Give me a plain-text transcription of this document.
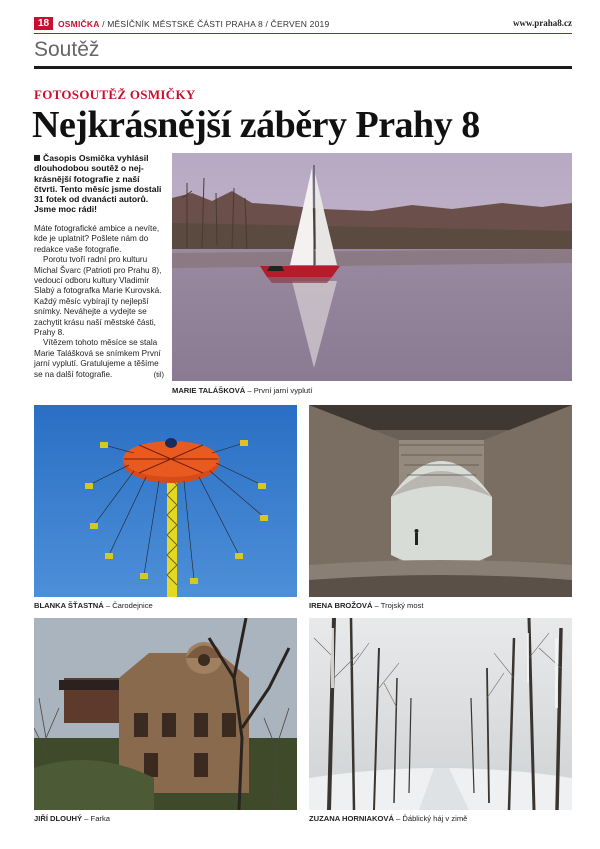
18	OSMIČKA / MĚSÍČNÍK MĚSTSKÉ ČÁSTI PRAHA 8 / ČERVEN 2019	www.praha8.cz
Soutěž
FOTOSOUTĚŽ OSMIČKY
Nejkrásnější záběry Prahy 8
Časopis Osmička vyhlásil dlouhodobou soutěž o nej-krásnější fotografie z naší čtvrti. Tento měsíc jsme dostali 31 fotek od dvanácti autorů. Jsme moc rádi!

Máte fotografické ambice a nevíte, kde je uplatnit? Pošlete nám do redakce vaše fotografie.

Porotu tvoří radní pro kulturu Michal Švarc (Patrioti pro Prahu 8), vedoucí odboru kultury Vladimír Slabý a fotografka Marie Kurovská. Každý měsíc vybírají ty nejlepší snímky. Neváhejte a vydejte se zachytit krásu naší městské části, Prahy 8.

Vítězem tohoto měsíce se stala Marie Talášková se snímkem První jarní vyplutí. Gratulujeme a těšíme se na další fotografie.	(til)

MARIE TALÁŠKOVÁ – První jarní vyplutí
BLANKA ŠŤASTNÁ – Čarodejnice	IRENA BROŽOVÁ – Trojský most
JIŘÍ DLOUHÝ – Farka	ZUZANA HORNIAKOVÁ – Ďáblický háj v zimě
